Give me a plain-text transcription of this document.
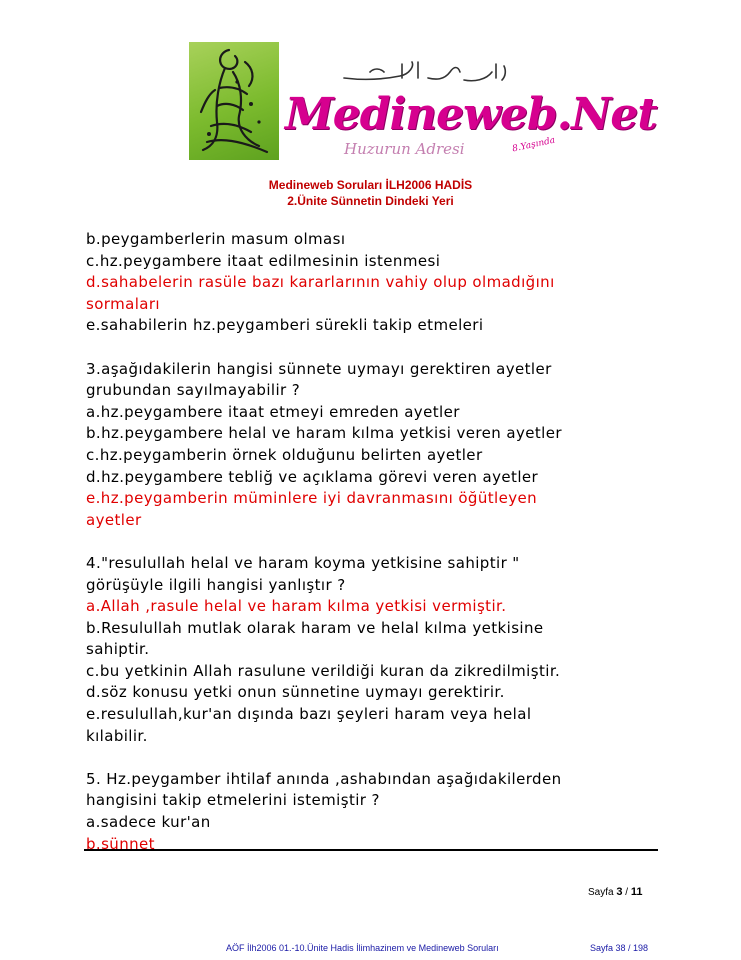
Medineweb.Net
Huzurun Adresi	8.Yaşında
Medineweb Soruları İLH2006 HADİS
2.Ünite Sünnetin Dindeki Yeri
b.peygamberlerin masum olması
c.hz.peygambere itaat edilmesinin istenmesi
d.sahabelerin rasüle bazı kararlarının vahiy olup olmadığını
sormaları
e.sahabilerin hz.peygamberi sürekli takip etmeleri
3.aşağıdakilerin hangisi sünnete uymayı gerektiren ayetler
grubundan sayılmayabilir ?
a.hz.peygambere itaat etmeyi emreden ayetler
b.hz.peygambere helal ve haram kılma yetkisi veren ayetler
c.hz.peygamberin örnek olduğunu belirten ayetler
d.hz.peygambere tebliğ ve açıklama görevi veren ayetler
e.hz.peygamberin müminlere iyi davranmasını öğütleyen
ayetler
4."resulullah helal ve haram koyma yetkisine sahiptir "
görüşüyle ilgili hangisi yanlıştır ?
a.Allah ,rasule helal ve haram kılma yetkisi vermiştir.
b.Resulullah mutlak olarak haram ve helal kılma yetkisine
sahiptir.
c.bu yetkinin Allah rasulune verildiği kuran da zikredilmiştir.
d.söz konusu yetki onun sünnetine uymayı gerektirir.
e.resulullah,kur'an dışında bazı şeyleri haram veya helal
kılabilir.
5. Hz.peygamber ihtilaf anında ,ashabından aşağıdakilerden
hangisini takip etmelerini istemiştir ?
a.sadece kur'an
b.sünnet
Sayfa 3 / 11
AÖF İlh2006 01.-10.Ünite Hadis İlimhazinem ve Medineweb Soruları	Sayfa 38 / 198
